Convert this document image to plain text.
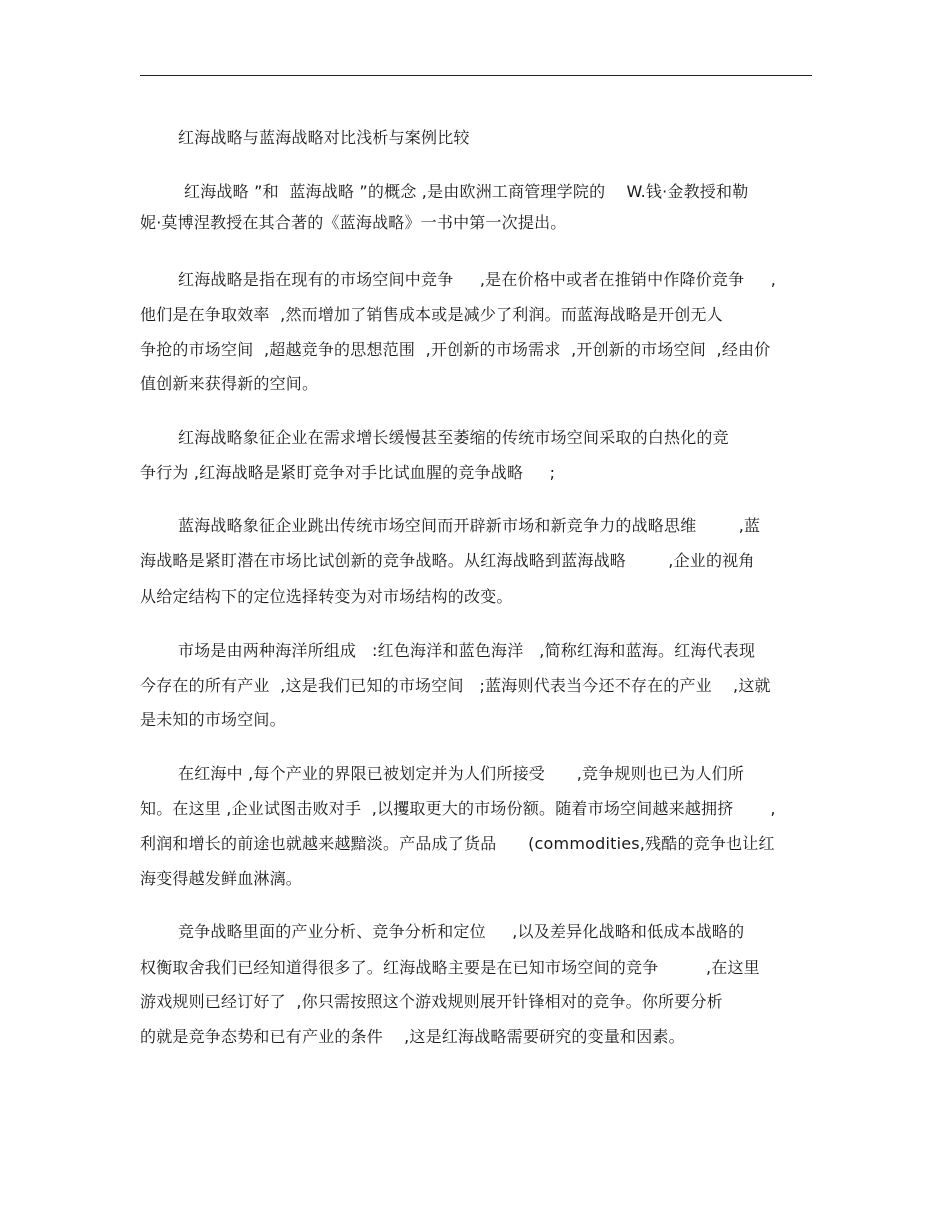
红海战略与蓝海战略对比浅析与案例比较
红海战略 ”和  蓝海战略 ”的概念 ,是由欧洲工商管理学院的    W.钱·金教授和勒
妮·莫博涅教授在其合著的《蓝海战略》一书中第一次提出。
红海战略是指在现有的市场空间中竞争     ,是在价格中或者在推销中作降价竞争     ,
他们是在争取效率  ,然而增加了销售成本或是减少了利润。而蓝海战略是开创无人
争抢的市场空间  ,超越竞争的思想范围  ,开创新的市场需求  ,开创新的市场空间  ,经由价
值创新来获得新的空间。
红海战略象征企业在需求增长缓慢甚至萎缩的传统市场空间采取的白热化的竞
争行为 ,红海战略是紧盯竞争对手比试血腥的竞争战略     ;
蓝海战略象征企业跳出传统市场空间而开辟新市场和新竞争力的战略思维        ,蓝
海战略是紧盯潜在市场比试创新的竞争战略。从红海战略到蓝海战略        ,企业的视角
从给定结构下的定位选择转变为对市场结构的改变。
市场是由两种海洋所组成   :红色海洋和蓝色海洋   ,简称红海和蓝海。红海代表现
今存在的所有产业  ,这是我们已知的市场空间   ;蓝海则代表当今还不存在的产业    ,这就
是未知的市场空间。
在红海中 ,每个产业的界限已被划定并为人们所接受      ,竞争规则也已为人们所
知。在这里 ,企业试图击败对手  ,以攫取更大的市场份额。随着市场空间越来越拥挤       ,
利润和增长的前途也就越来越黯淡。产品成了货品      (commodities,残酷的竞争也让红
海变得越发鲜血淋漓。
竞争战略里面的产业分析、竞争分析和定位     ,以及差异化战略和低成本战略的
权衡取舍我们已经知道得很多了。红海战略主要是在已知市场空间的竞争         ,在这里
游戏规则已经订好了  ,你只需按照这个游戏规则展开针锋相对的竞争。你所要分析
的就是竞争态势和已有产业的条件    ,这是红海战略需要研究的变量和因素。
